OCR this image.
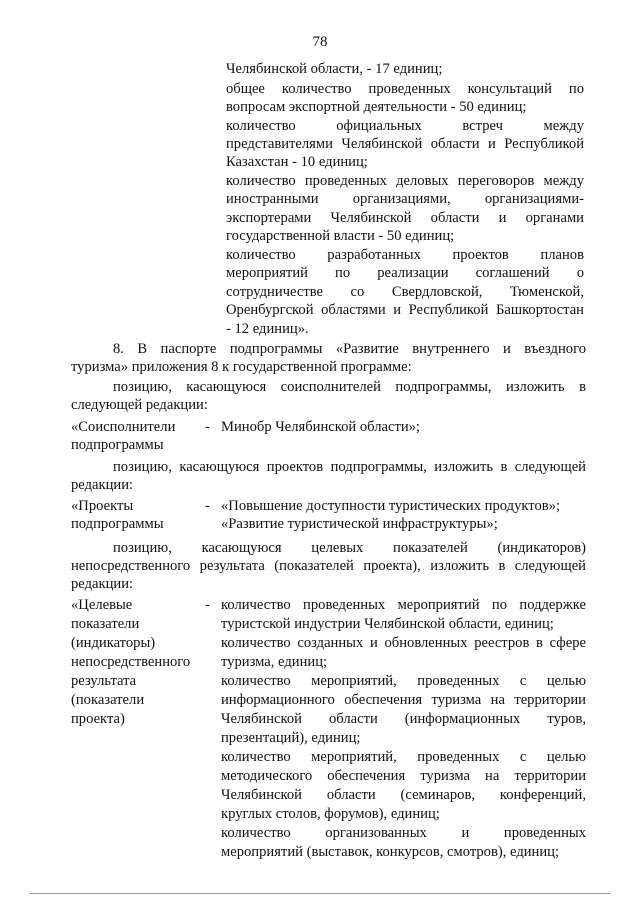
78
Челябинской области, - 17 единиц;
общее количество проведенных консультаций по
вопросам экспортной деятельности - 50 единиц;
количество официальных встреч между
представителями Челябинской области и Республикой
Казахстан - 10 единиц;
количество проведенных деловых переговоров между
иностранными организациями, организациями-
экспортерами Челябинской области и органами
государственной власти - 50 единиц;
количество разработанных проектов планов
мероприятий по реализации соглашений о
сотрудничестве со Свердловской, Тюменской,
Оренбургской областями и Республикой Башкортостан
- 12 единиц».
8. В паспорте подпрограммы «Развитие внутреннего и въездного
туризма» приложения 8 к государственной программе:
позицию, касающуюся соисполнителей подпрограммы, изложить в
следующей редакции:
«Соисполнители
подпрограммы
- Минобр Челябинской области»;
позицию, касающуюся проектов подпрограммы, изложить в следующей
редакции:
«Проекты
подпрограммы
- «Повышение доступности туристических продуктов»;
«Развитие туристической инфраструктуры»;
позицию, касающуюся целевых показателей (индикаторов)
непосредственного результата (показателей проекта), изложить в следующей
редакции:
«Целевые
показатели
(индикаторы)
непосредственного
результата
(показатели
проекта)
- количество проведенных мероприятий по поддержке
туристской индустрии Челябинской области, единиц;
количество созданных и обновленных реестров в сфере
туризма, единиц;
количество мероприятий, проведенных с целью
информационного обеспечения туризма на территории
Челябинской области (информационных туров,
презентаций), единиц;
количество мероприятий, проведенных с целью
методического обеспечения туризма на территории
Челябинской области (семинаров, конференций,
круглых столов, форумов), единиц;
количество организованных и проведенных
мероприятий (выставок, конкурсов, смотров), единиц;
